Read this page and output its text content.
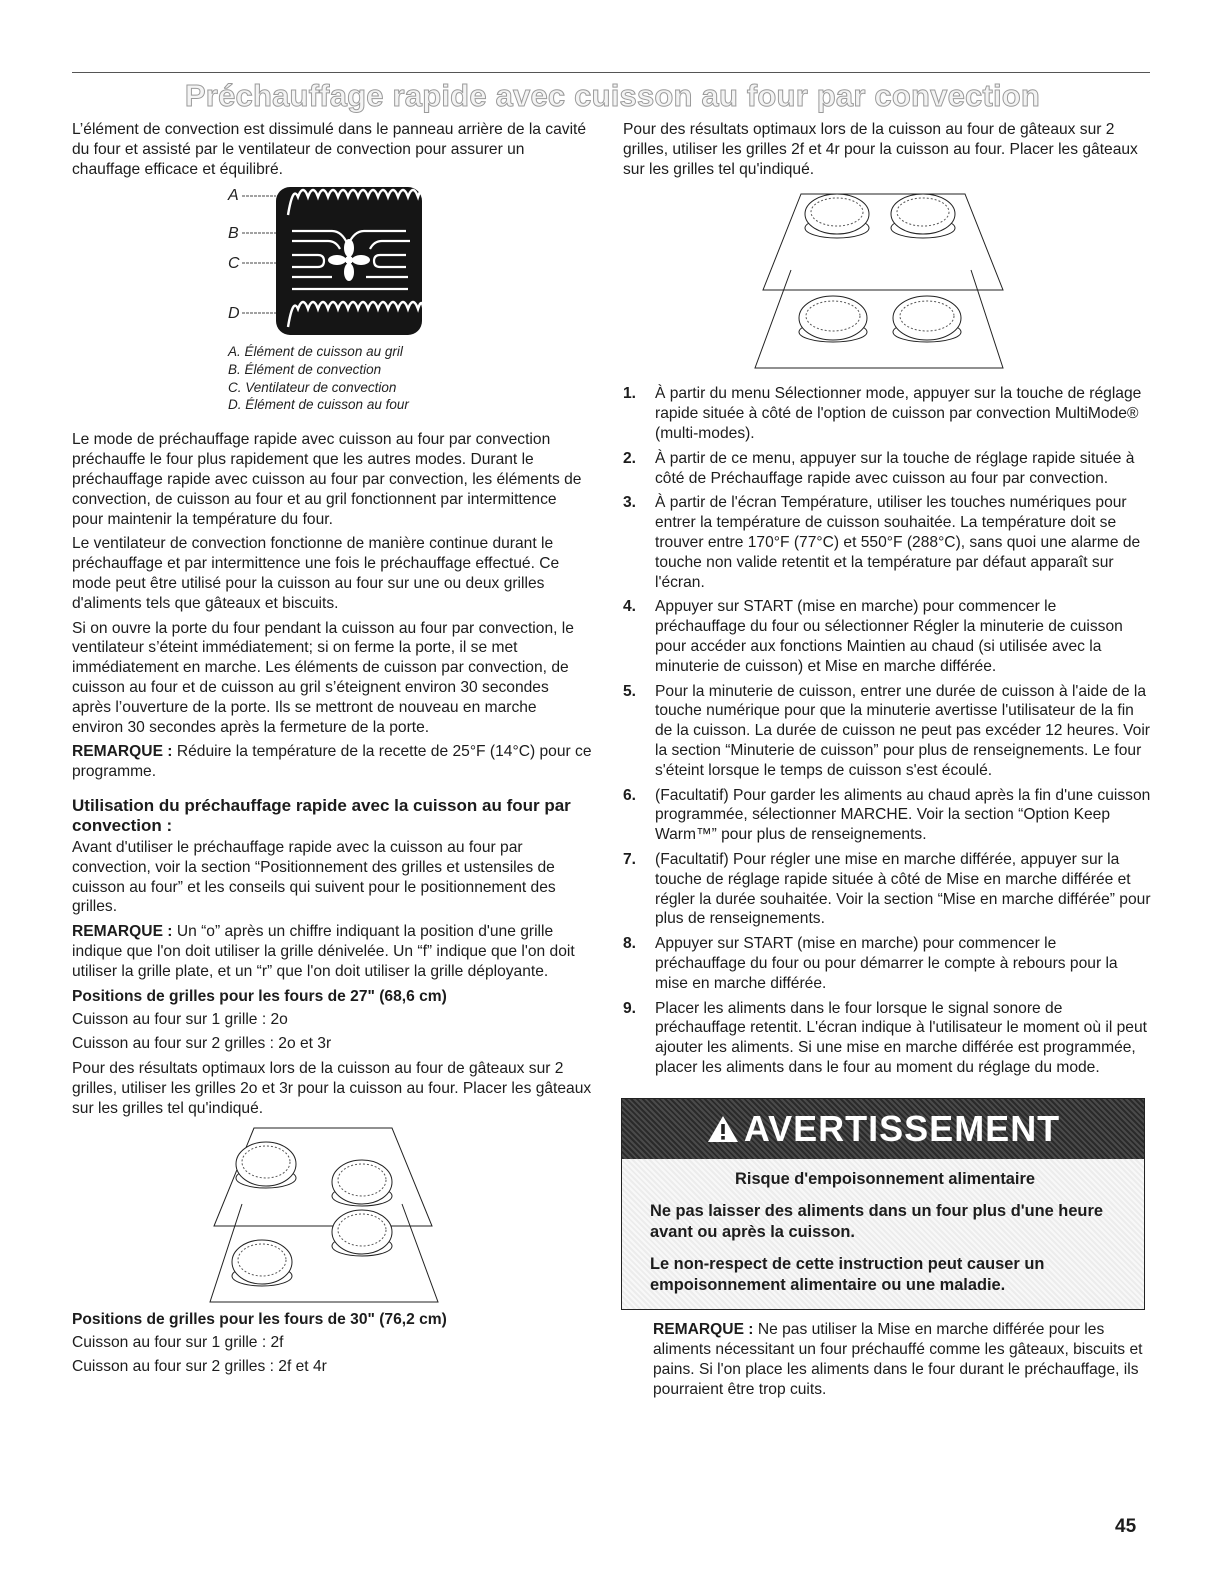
Préchauffage rapide avec cuisson au four par convection

L’élément de convection est dissimulé dans le panneau arrière de la cavité du four et assisté par le ventilateur de convection pour assurer un chauffage efficace et équilibré.

A
B
C
D
A. Élément de cuisson au gril
B. Élément de convection
C. Ventilateur de convection
D. Élément de cuisson au four

Le mode de préchauffage rapide avec cuisson au four par convection préchauffe le four plus rapidement que les autres modes. Durant le préchauffage rapide avec cuisson au four par convection, les éléments de convection, de cuisson au four et au gril fonctionnent par intermittence pour maintenir la température du four.

Le ventilateur de convection fonctionne de manière continue durant le préchauffage et par intermittence une fois le préchauffage effectué. Ce mode peut être utilisé pour la cuisson au four sur une ou deux grilles d'aliments tels que gâteaux et biscuits.

Si on ouvre la porte du four pendant la cuisson au four par convection, le ventilateur s’éteint immédiatement; si on ferme la porte, il se met immédiatement en marche. Les éléments de cuisson par convection, de cuisson au four et de cuisson au gril s’éteignent environ 30 secondes après l’ouverture de la porte. Ils se mettront de nouveau en marche environ 30 secondes après la fermeture de la porte.

REMARQUE : Réduire la température de la recette de 25°F (14°C) pour ce programme.

Utilisation du préchauffage rapide avec la cuisson au four par convection :

Avant d'utiliser le préchauffage rapide avec la cuisson au four par convection, voir la section “Positionnement des grilles et ustensiles de cuisson au four” et les conseils qui suivent pour le positionnement des grilles.

REMARQUE : Un “o” après un chiffre indiquant la position d'une grille indique que l'on doit utiliser la grille dénivelée. Un “f” indique que l'on doit utiliser la grille plate, et un “r” que l'on doit utiliser la grille déployante.

Positions de grilles pour les fours de 27" (68,6 cm)

Cuisson au four sur 1 grille : 2o

Cuisson au four sur 2 grilles : 2o et 3r

Pour des résultats optimaux lors de la cuisson au four de gâteaux sur 2 grilles, utiliser les grilles 2o et 3r pour la cuisson au four. Placer les gâteaux sur les grilles tel qu'indiqué.

Positions de grilles pour les fours de 30" (76,2 cm)

Cuisson au four sur 1 grille : 2f

Cuisson au four sur 2 grilles : 2f et 4r

Pour des résultats optimaux lors de la cuisson au four de gâteaux sur 2 grilles, utiliser les grilles 2f et 4r pour la cuisson au four. Placer les gâteaux sur les grilles tel qu'indiqué.

1. À partir du menu Sélectionner mode, appuyer sur la touche de réglage rapide située à côté de l'option de cuisson par convection MultiMode® (multi-modes).
2. À partir de ce menu, appuyer sur la touche de réglage rapide située à côté de Préchauffage rapide avec cuisson au four par convection.
3. À partir de l'écran Température, utiliser les touches numériques pour entrer la température de cuisson souhaitée. La température doit se trouver entre 170°F (77°C) et 550°F (288°C), sans quoi une alarme de touche non valide retentit et la température par défaut apparaît sur l'écran.
4. Appuyer sur START (mise en marche) pour commencer le préchauffage du four ou sélectionner Régler la minuterie de cuisson pour accéder aux fonctions Maintien au chaud (si utilisée avec la minuterie de cuisson) et Mise en marche différée.
5. Pour la minuterie de cuisson, entrer une durée de cuisson à l'aide de la touche numérique pour que la minuterie avertisse l'utilisateur de la fin de la cuisson. La durée de cuisson ne peut pas excéder 12 heures. Voir la section “Minuterie de cuisson” pour plus de renseignements. Le four s'éteint lorsque le temps de cuisson s'est écoulé.
6. (Facultatif) Pour garder les aliments au chaud après la fin d'une cuisson programmée, sélectionner MARCHE. Voir la section “Option Keep Warm™” pour plus de renseignements.
7. (Facultatif) Pour régler une mise en marche différée, appuyer sur la touche de réglage rapide située à côté de Mise en marche différée et régler la durée souhaitée. Voir la section “Mise en marche différée” pour plus de renseignements.
8. Appuyer sur START (mise en marche) pour commencer le préchauffage du four ou pour démarrer le compte à rebours pour la mise en marche différée.
9. Placer les aliments dans le four lorsque le signal sonore de préchauffage retentit. L'écran indique à l'utilisateur le moment où il peut ajouter les aliments. Si une mise en marche différée est programmée, placer les aliments dans le four au moment du réglage du mode.
AVERTISSEMENT
Risque d'empoisonnement alimentaire

Ne pas laisser des aliments dans un four plus d'une heure avant ou après la cuisson.

Le non-respect de cette instruction peut causer un empoisonnement alimentaire ou une maladie.

REMARQUE : Ne pas utiliser la Mise en marche différée pour les aliments nécessitant un four préchauffé comme les gâteaux, biscuits et pains. Si l'on place les aliments dans le four durant le préchauffage, ils pourraient être trop cuits.

45
